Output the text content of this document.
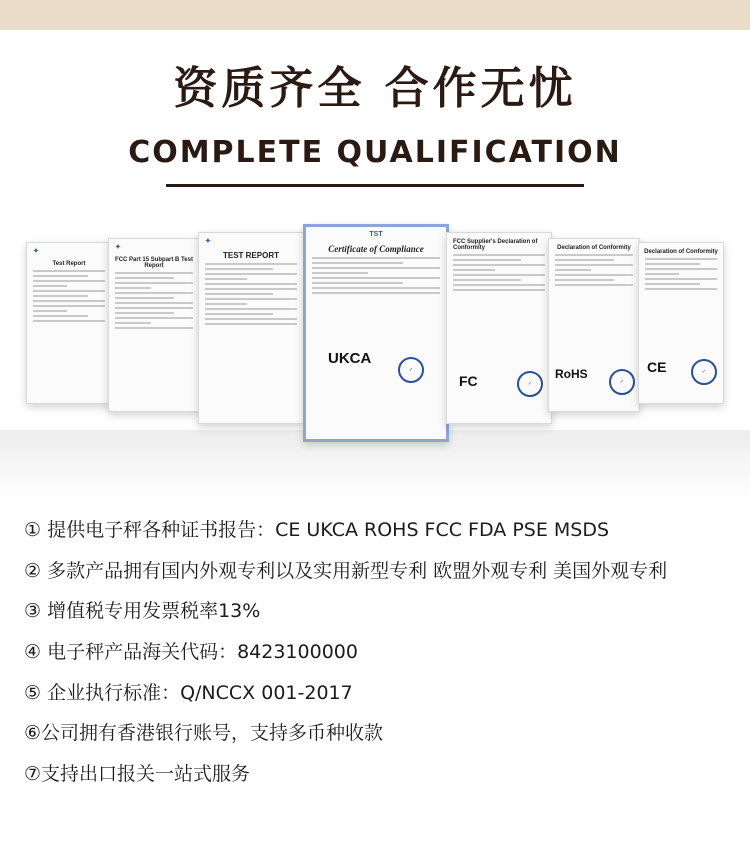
资质齐全 合作无忧
COMPLETE QUALIFICATION
✦
Test Report
✦
FCC Part 15 Subpart B Test Report
✦
TEST REPORT
TST
Certificate of Compliance
UKCA
✓
FCC Supplier's Declaration of Conformity
FC	✓
Declaration of Conformity
RoHS
✓
Declaration of Conformity
CE	✓
① 提供电子秤各种证书报告：CE UKCA ROHS FCC FDA PSE MSDS
② 多款产品拥有国内外观专利以及实用新型专利 欧盟外观专利 美国外观专利
③ 增值税专用发票税率13%
④ 电子秤产品海关代码：8423100000
⑤ 企业执行标准：Q/NCCX 001-2017
⑥公司拥有香港银行账号，支持多币种收款
⑦支持出口报关一站式服务
